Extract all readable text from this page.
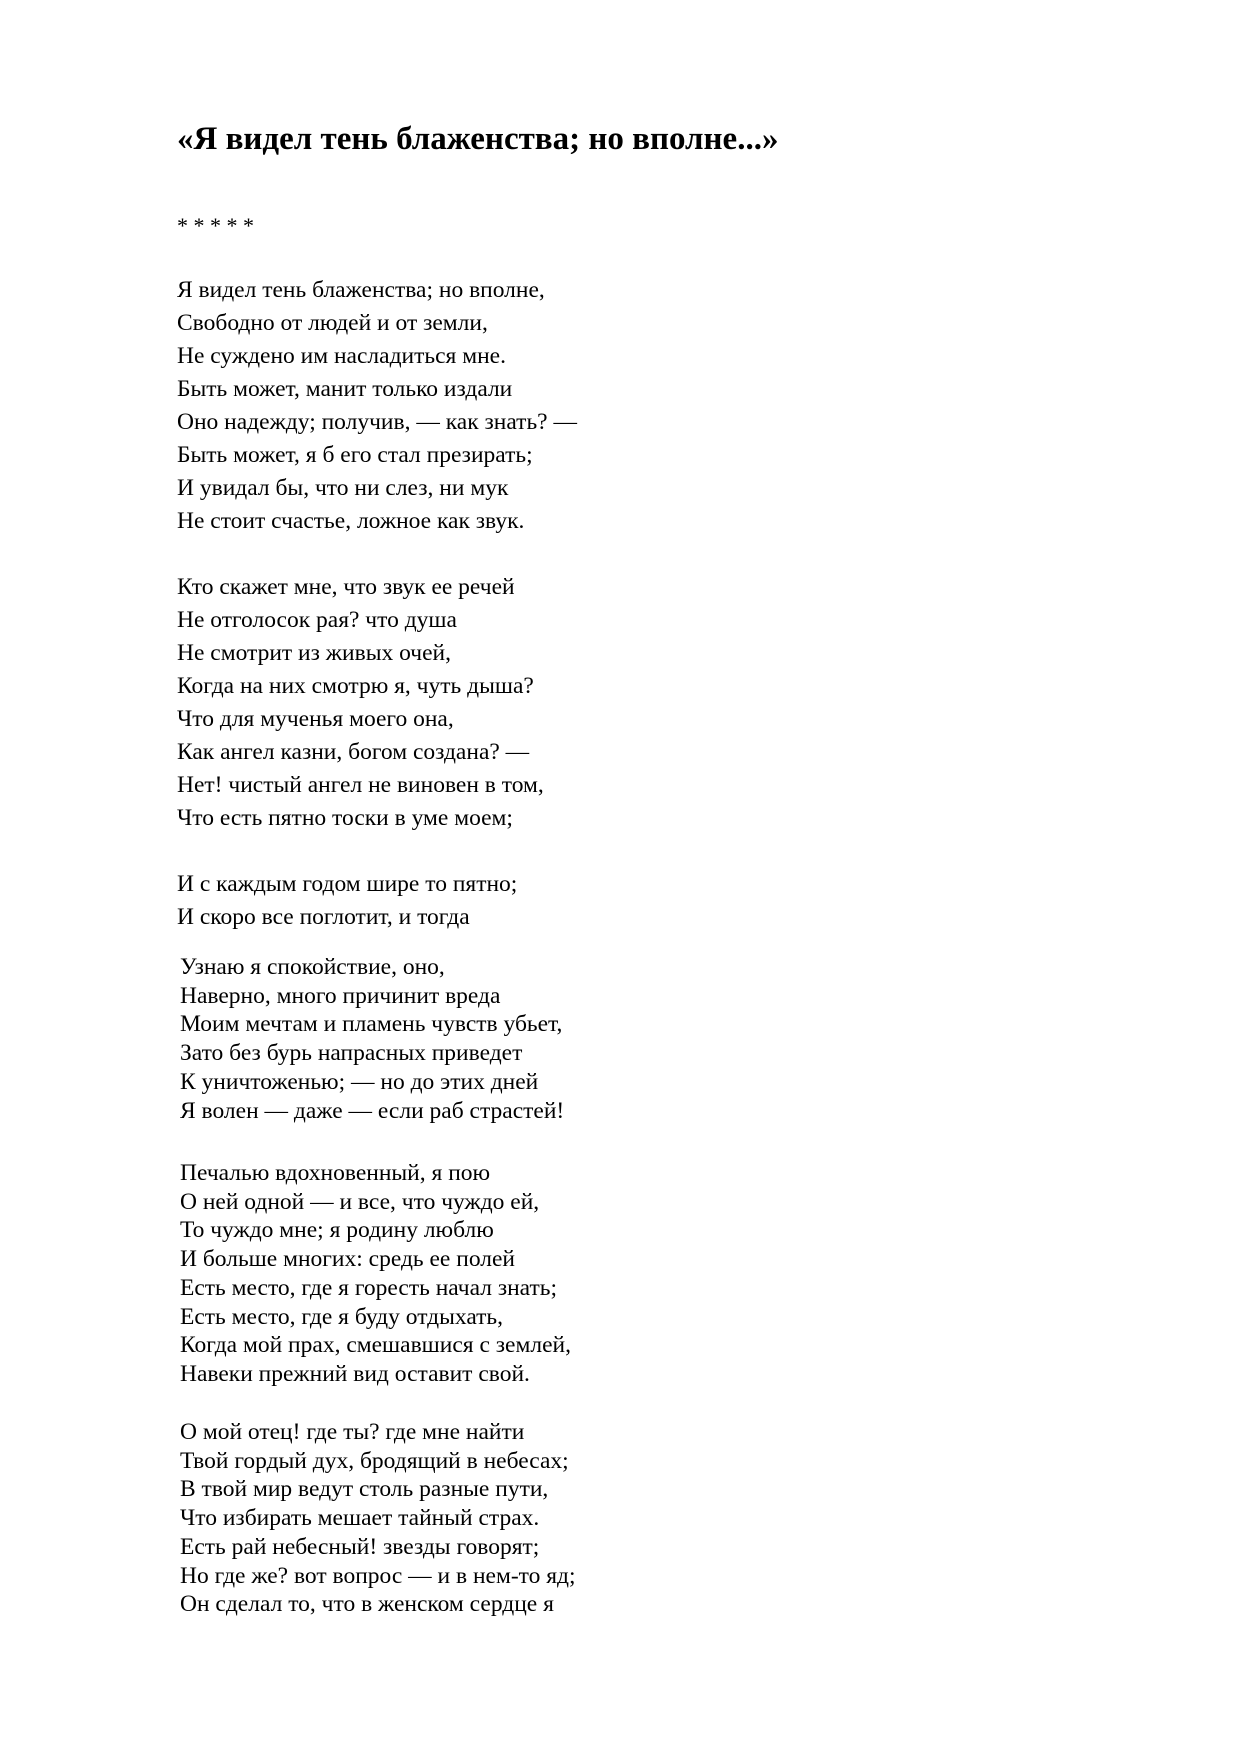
«Я видел тень блаженства; но вполне...»
* * * * *
Я видел тень блаженства; но вполне,
Свободно от людей и от земли,
Не суждено им насладиться мне.
Быть может, манит только издали
Оно надежду; получив, — как знать? —
Быть может, я б его стал презирать;
И увидал бы, что ни слез, ни мук
Не стоит счастье, ложное как звук.
Кто скажет мне, что звук ее речей
Не отголосок рая? что душа
Не смотрит из живых очей,
Когда на них смотрю я, чуть дыша?
Что для мученья моего она,
Как ангел казни, богом создана? —
Нет! чистый ангел не виновен в том,
Что есть пятно тоски в уме моем;
И с каждым годом шире то пятно;
И скоро все поглотит, и тогда
Узнаю я спокойствие, оно,
Наверно, много причинит вреда
Моим мечтам и пламень чувств убьет,
Зато без бурь напрасных приведет
К уничтоженью; — но до этих дней
Я волен — даже — если раб страстей!
Печалью вдохновенный, я пою
О ней одной — и все, что чуждо ей,
То чуждо мне; я родину люблю
И больше многих: средь ее полей
Есть место, где я горесть начал знать;
Есть место, где я буду отдыхать,
Когда мой прах, смешавшися с землей,
Навеки прежний вид оставит свой.
О мой отец! где ты? где мне найти
Твой гордый дух, бродящий в небесах;
В твой мир ведут столь разные пути,
Что избирать мешает тайный страх.
Есть рай небесный! звезды говорят;
Но где же? вот вопрос — и в нем-то яд;
Он сделал то, что в женском сердце я
